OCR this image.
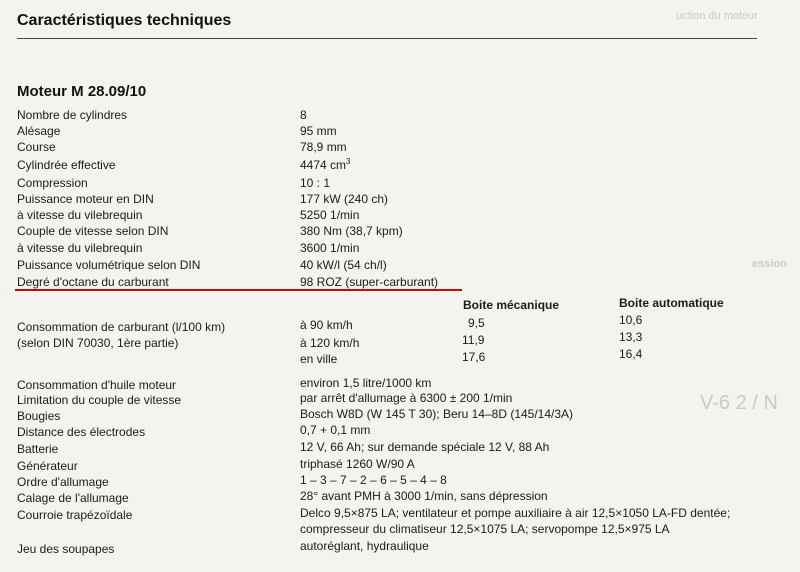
uction du moteur
ession
V-6 2 / N
Caractéristiques techniques
Moteur M 28.09/10
Nombre de cylindres	8
Alésage	95 mm
Course	78,9 mm
Cylindrée effective	4474 $cm^3$
Compression	10 : 1
Puissance moteur en DIN	177 kW (240 ch)
à vitesse du vilebrequin	5250 1/min
Couple de vitesse selon DIN	380 Nm (38,7 kpm)
à vitesse du vilebrequin	3600 1/min
Puissance volumétrique selon DIN	40 kW/l (54 ch/l)
Degré d'octane du carburant	98 ROZ (super-carburant)
Boite mécanique	Boite automatique
Consommation de carburant (l/100 km)
(selon DIN 70030, 1ère partie)
à 90 km/h	9,5	10,6
à 120 km/h	11,9	13,3
en ville	17,6	16,4
Consommation d'huile moteur	environ 1,5 litre/1000 km
Limitation du couple de vitesse	par arrêt d'allumage à 6300 ± 200 1/min
Bougies	Bosch W8D (W 145 T 30); Beru 14–8D (145/14/3A)
Distance des électrodes	0,7 + 0,1 mm
Batterie	12 V, 66 Ah; sur demande spéciale 12 V, 88 Ah
Générateur	triphasé 1260 W/90 A
Ordre d'allumage	1 – 3 – 7 – 2 – 6 – 5 – 4 – 8
Calage de l'allumage	28° avant PMH à 3000 1/min, sans dépression
Courroie trapézoïdale	Delco 9,5×875 LA; ventilateur et pompe auxiliaire à air 12,5×1050 LA-FD dentée;
compresseur du climatiseur 12,5×1075 LA; servopompe 12,5×975 LA
Jeu des soupapes	autoréglant, hydraulique
